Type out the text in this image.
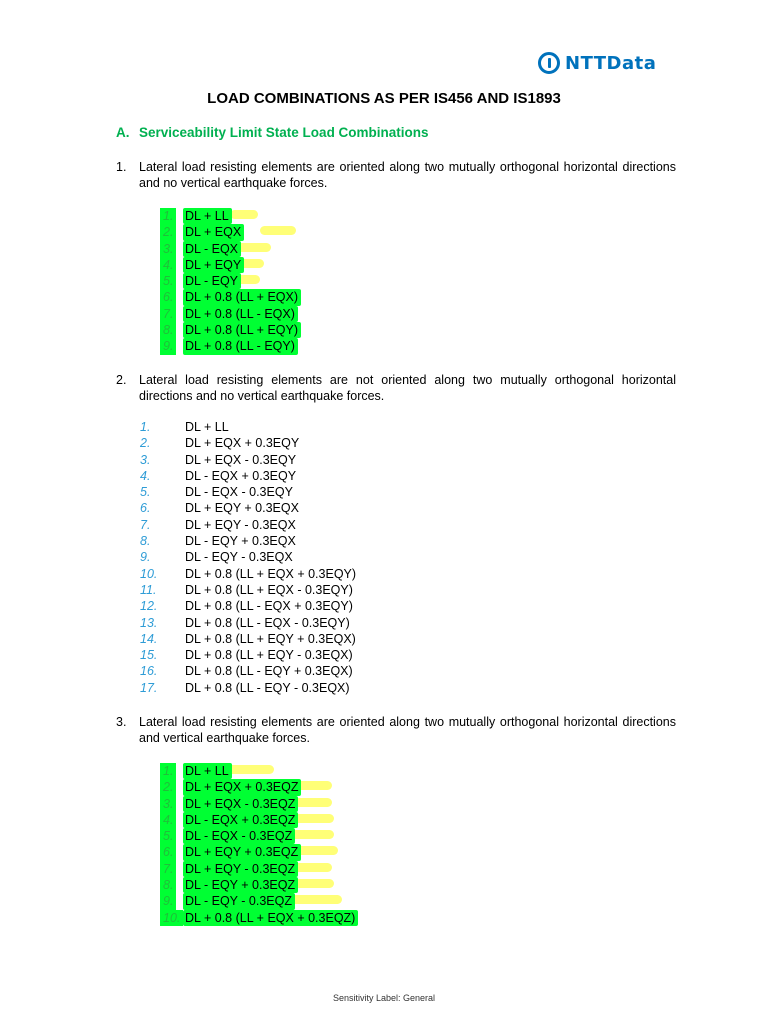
NTTData
LOAD COMBINATIONS AS PER IS456 AND IS1893
A. Serviceability Limit State Load Combinations
1. Lateral load resisting elements are oriented along two mutually orthogonal horizontal directions and no vertical earthquake forces.
1. DL + LL
2. DL + EQX
3. DL - EQX
4. DL + EQY
5. DL - EQY
6. DL + 0.8 (LL + EQX)
7. DL + 0.8 (LL - EQX)
8. DL + 0.8 (LL + EQY)
9. DL + 0.8 (LL - EQY)
2. Lateral load resisting elements are not oriented along two mutually orthogonal horizontal directions and no vertical earthquake forces.
1.	DL + LL
2.	DL + EQX + 0.3EQY
3.	DL + EQX - 0.3EQY
4.	DL - EQX + 0.3EQY
5.	DL - EQX - 0.3EQY
6.	DL + EQY + 0.3EQX
7.	DL + EQY - 0.3EQX
8.	DL - EQY + 0.3EQX
9.	DL - EQY - 0.3EQX
10.	DL + 0.8 (LL + EQX + 0.3EQY)
11.	DL + 0.8 (LL + EQX - 0.3EQY)
12.	DL + 0.8 (LL - EQX + 0.3EQY)
13.	DL + 0.8 (LL - EQX - 0.3EQY)
14.	DL + 0.8 (LL + EQY + 0.3EQX)
15.	DL + 0.8 (LL + EQY - 0.3EQX)
16.	DL + 0.8 (LL - EQY + 0.3EQX)
17.	DL + 0.8 (LL - EQY - 0.3EQX)
3. Lateral load resisting elements are oriented along two mutually orthogonal horizontal directions and vertical earthquake forces.
1. DL + LL
2. DL + EQX + 0.3EQZ
3. DL + EQX - 0.3EQZ
4. DL - EQX + 0.3EQZ
5. DL - EQX - 0.3EQZ
6. DL + EQY + 0.3EQZ
7. DL + EQY - 0.3EQZ
8. DL - EQY + 0.3EQZ
9. DL - EQY - 0.3EQZ
10. DL + 0.8 (LL + EQX + 0.3EQZ)
Sensitivity Label: General
